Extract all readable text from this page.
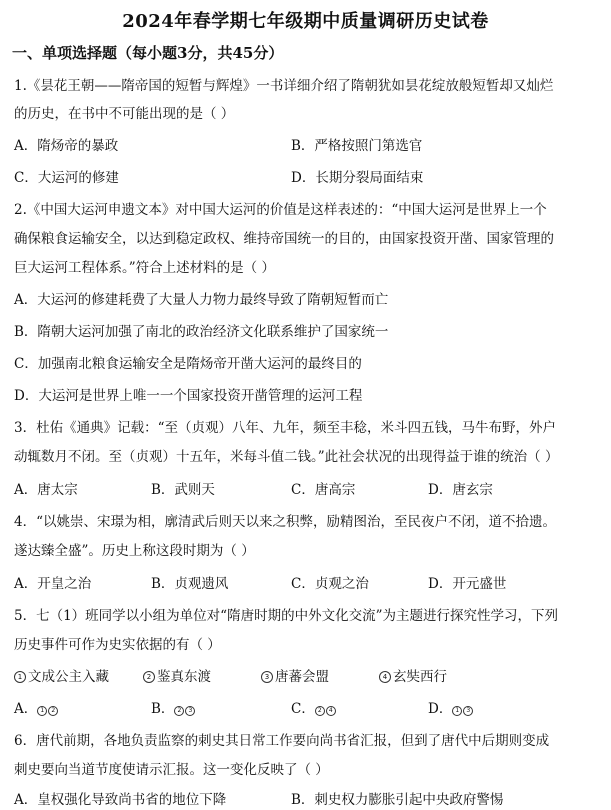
2024年春学期七年级期中质量调研历史试卷
一、单项选择题（每小题3分，共45分）
1.《昙花王朝——隋帝国的短暂与辉煌》一书详细介绍了隋朝犹如昙花绽放般短暂却又灿烂
的历史，在书中不可能出现的是（ ）
A．隋炀帝的暴政	B．严格按照门第选官
C．大运河的修建	D．长期分裂局面结束
2.《中国大运河申遗文本》对中国大运河的价值是这样表述的：“中国大运河是世界上一个
确保粮食运输安全，以达到稳定政权、维持帝国统一的目的，由国家投资开凿、国家管理的
巨大运河工程体系。”符合上述材料的是（ ）
A．大运河的修建耗费了大量人力物力最终导致了隋朝短暂而亡
B．隋朝大运河加强了南北的政治经济文化联系维护了国家统一
C．加强南北粮食运输安全是隋炀帝开凿大运河的最终目的
D．大运河是世界上唯一一个国家投资开凿管理的运河工程
3．杜佑《通典》记载：“至（贞观）八年、九年，频至丰稔，米斗四五钱，马牛布野，外户
动辄数月不闭。至（贞观）十五年，米每斗值二钱。”此社会状况的出现得益于谁的统治（ ）
A．唐太宗	B．武则天	C．唐高宗	D．唐玄宗
4．“以姚崇、宋璟为相，廓清武后则天以来之积弊，励精图治，至民夜户不闭，道不拾遗。
遂达臻全盛”。历史上称这段时期为（ ）
A．开皇之治	B．贞观遗风	C．贞观之治	D．开元盛世
5．七（1）班同学以小组为单位对“隋唐时期的中外文化交流”为主题进行探究性学习，下列
历史事件可作为史实依据的有（ ）
1 文成公主入藏	2 鉴真东渡	3 唐蕃会盟	4 玄奘西行
A． 1 2	B． 2 3	C． 2 4	D． 1 3
6．唐代前期，各地负责监察的刺史其日常工作要向尚书省汇报，但到了唐代中后期则变成
刺史要向当道节度使请示汇报。这一变化反映了（ ）
A．皇权强化导致尚书省的地位下降	B．刺史权力膨胀引起中央政府警惕
